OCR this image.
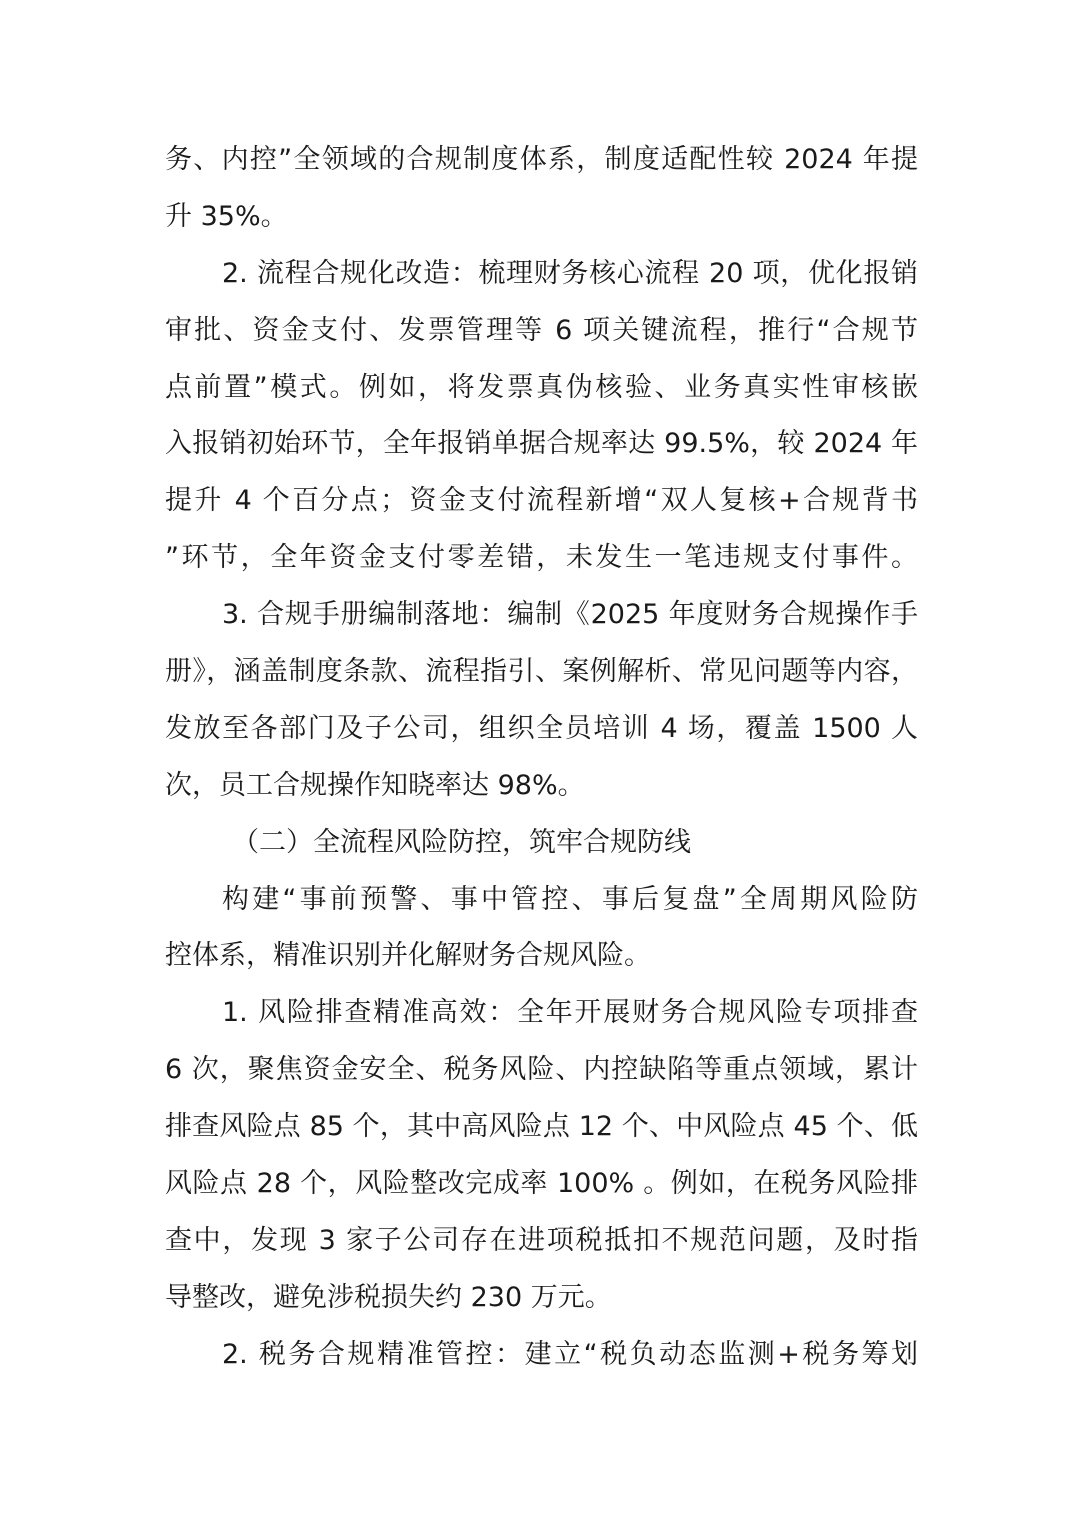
务、内控”全领域的合规制度体系，制度适配性较 2024 年提
升 35%。
2. 流程合规化改造：梳理财务核心流程 20 项，优化报销
审批、资金支付、发票管理等 6 项关键流程，推行“合规节
点前置”模式。例如，将发票真伪核验、业务真实性审核嵌
入报销初始环节，全年报销单据合规率达 99.5%，较 2024 年
提升 4 个百分点；资金支付流程新增“双人复核+合规背书
”环节，全年资金支付零差错，未发生一笔违规支付事件。
3. 合规手册编制落地：编制《2025 年度财务合规操作手
册》，涵盖制度条款、流程指引、案例解析、常见问题等内容，
发放至各部门及子公司，组织全员培训 4 场，覆盖 1500 人
次，员工合规操作知晓率达 98%。
（二）全流程风险防控，筑牢合规防线
构建“事前预警、事中管控、事后复盘”全周期风险防
控体系，精准识别并化解财务合规风险。
1. 风险排查精准高效：全年开展财务合规风险专项排查
6 次，聚焦资金安全、税务风险、内控缺陷等重点领域，累计
排查风险点 85 个，其中高风险点 12 个、中风险点 45 个、低
风险点 28 个，风险整改完成率 100% 。例如，在税务风险排
查中，发现 3 家子公司存在进项税抵扣不规范问题，及时指
导整改，避免涉税损失约 230 万元。
2. 税务合规精准管控：建立“税负动态监测+税务筹划
